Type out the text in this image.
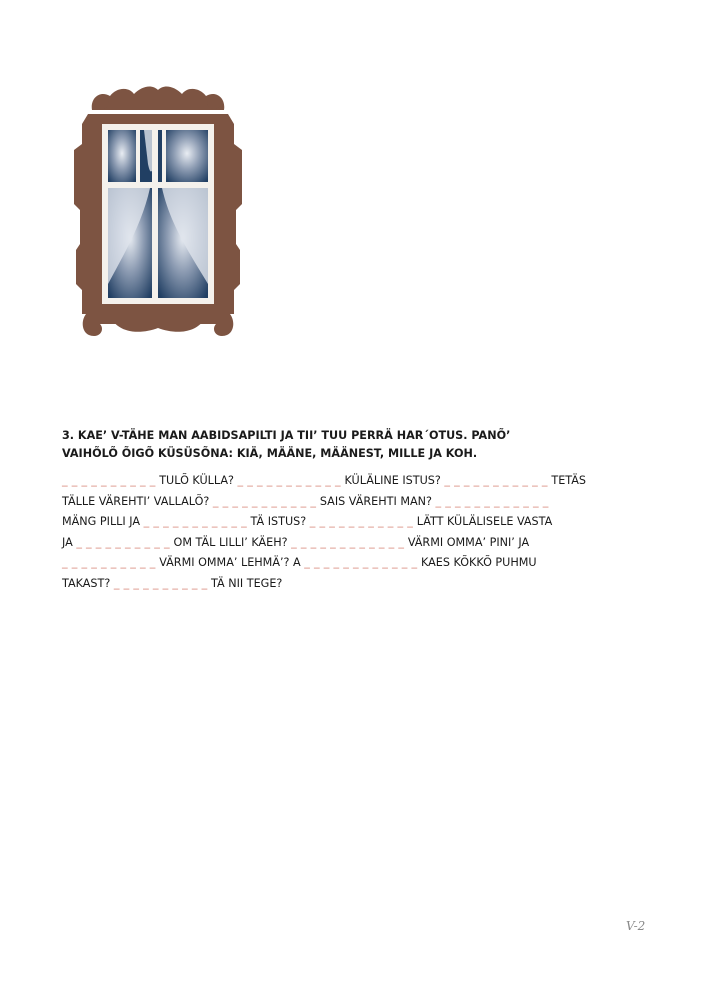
3. KAE’ V-TÄHE MAN AABIDSAPILTI JA TII’ TUU PERRÄ HAR´OTUS. PANÕ’
VAIHÕLÕ ÕIGÕ KÜSÜSÕNA: KIÄ, MÄÄNE, MÄÄNEST, MILLE JA KOH.
_ _ _ _ _ _ _ _ _ _ TULÕ KÜLLA? _ _ _ _ _ _ _ _ _ _ _ KÜLÄLINE ISTUS? _ _ _ _ _ _ _ _ _ _ _ TETÄS
TÄLLE VÄREHTI’ VALLALÕ? _ _ _ _ _ _ _ _ _ _ _ SAIS VÄREHTI MAN? _ _ _ _ _ _ _ _ _ _ _ _
MÄNG PILLI JA _ _ _ _ _ _ _ _ _ _ _ TÄ ISTUS? _ _ _ _ _ _ _ _ _ _ _ LÄTT KÜLÄLISELE VASTA
JA _ _ _ _ _ _ _ _ _ _ OM TÄL LILLI’ KÄEH? _ _ _ _ _ _ _ _ _ _ _ _ VÄRMI OMMA’ PINI’ JA
_ _ _ _ _ _ _ _ _ _ VÄRMI OMMA’ LEHMÄ’? A _ _ _ _ _ _ _ _ _ _ _ _ KAES KÕKKÕ PUHMU
TAKAST? _ _ _ _ _ _ _ _ _ _ TÄ NII TEGE?
V-2
